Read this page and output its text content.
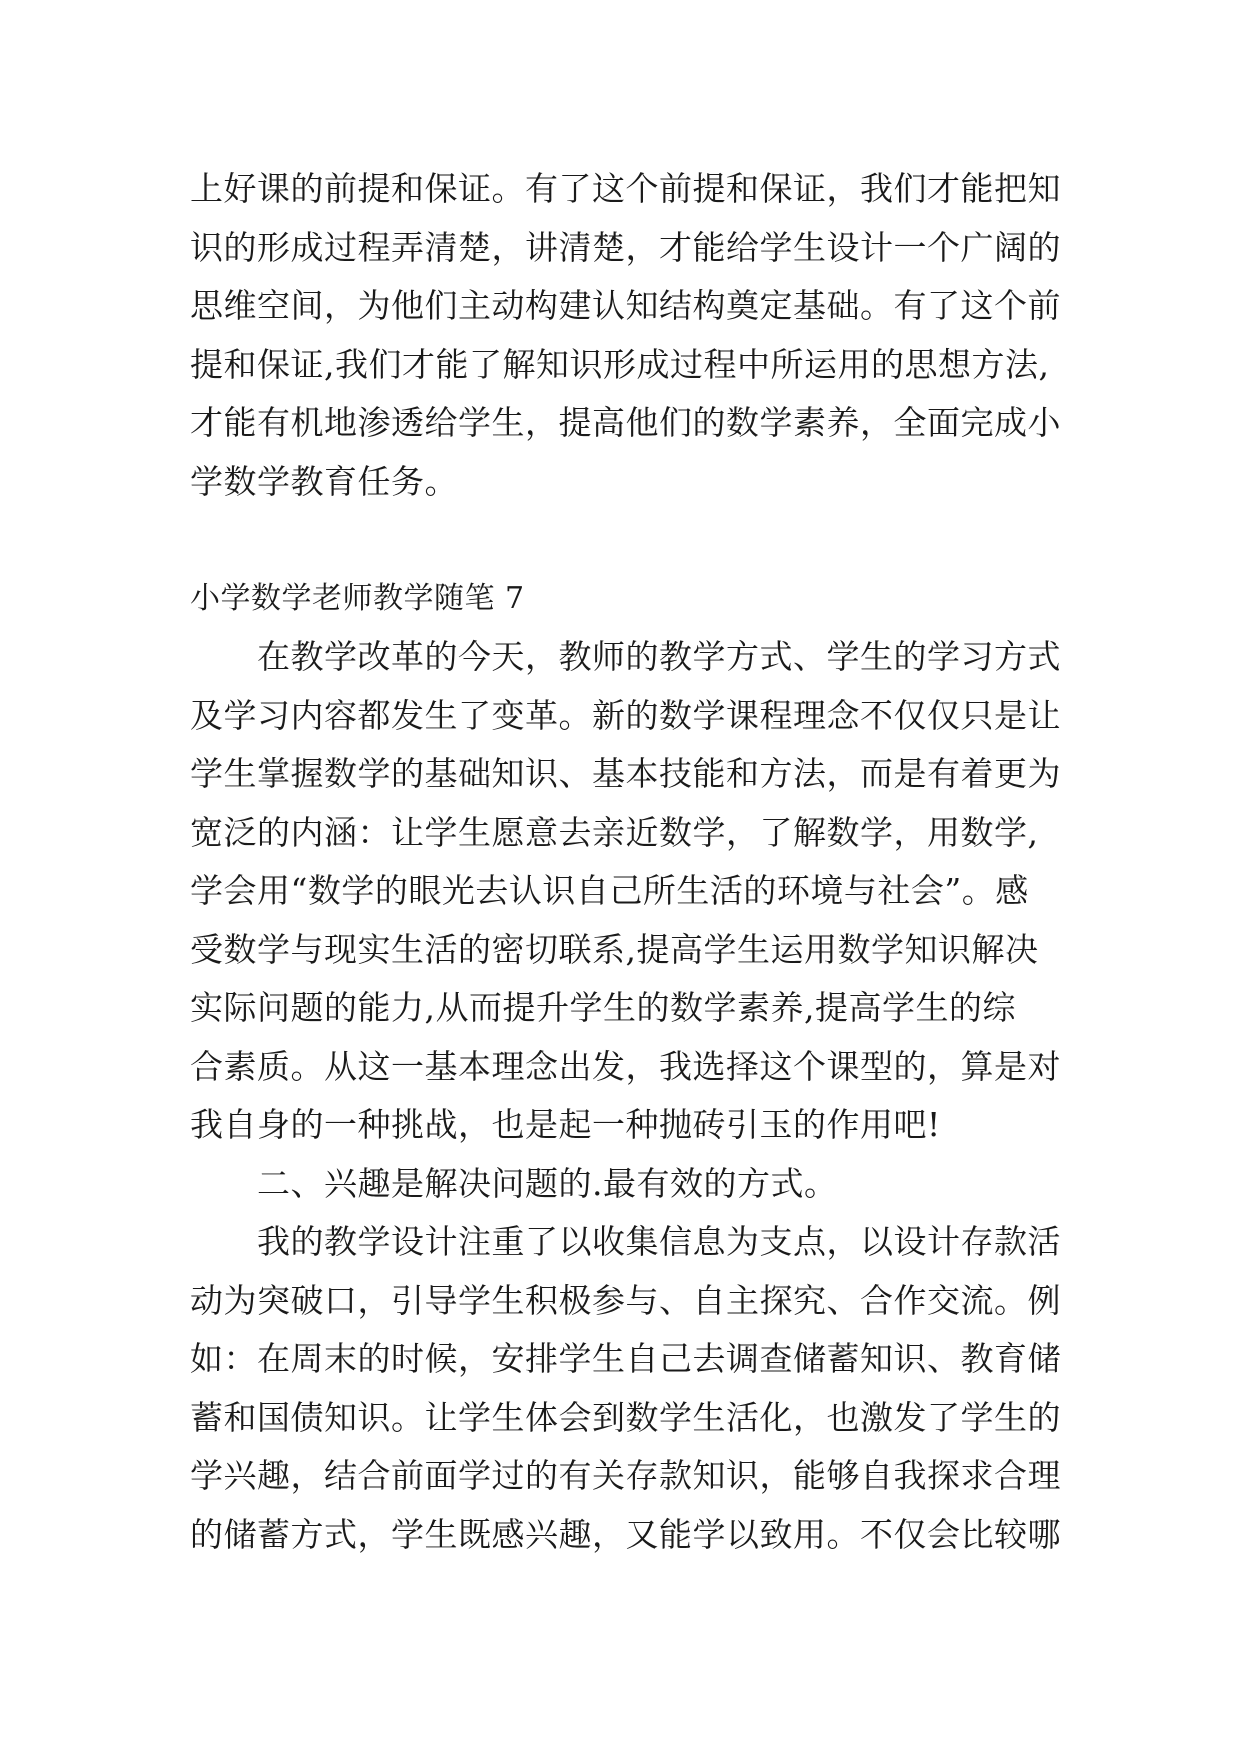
上好课的前提和保证。有了这个前提和保证，我们才能把知
识的形成过程弄清楚，讲清楚，才能给学生设计一个广阔的
思维空间，为他们主动构建认知结构奠定基础。有了这个前
提和保证,我们才能了解知识形成过程中所运用的思想方法,
才能有机地渗透给学生，提高他们的数学素养，全面完成小
学数学教育任务。
小学数学老师教学随笔 7
　　在教学改革的今天，教师的教学方式、学生的学习方式
及学习内容都发生了变革。新的数学课程理念不仅仅只是让
学生掌握数学的基础知识、基本技能和方法，而是有着更为
宽泛的内涵：让学生愿意去亲近数学，了解数学，用数学,
学会用“数学的眼光去认识自己所生活的环境与社会”。感
受数学与现实生活的密切联系,提高学生运用数学知识解决
实际问题的能力,从而提升学生的数学素养,提高学生的综
合素质。从这一基本理念出发，我选择这个课型的，算是对
我自身的一种挑战，也是起一种抛砖引玉的作用吧!
　　二、兴趣是解决问题的.最有效的方式。
　　我的教学设计注重了以收集信息为支点，以设计存款活
动为突破口，引导学生积极参与、自主探究、合作交流。例
如：在周末的时候，安排学生自己去调查储蓄知识、教育储
蓄和国债知识。让学生体会到数学生活化，也激发了学生的
学兴趣，结合前面学过的有关存款知识，能够自我探求合理
的储蓄方式，学生既感兴趣，又能学以致用。不仅会比较哪
